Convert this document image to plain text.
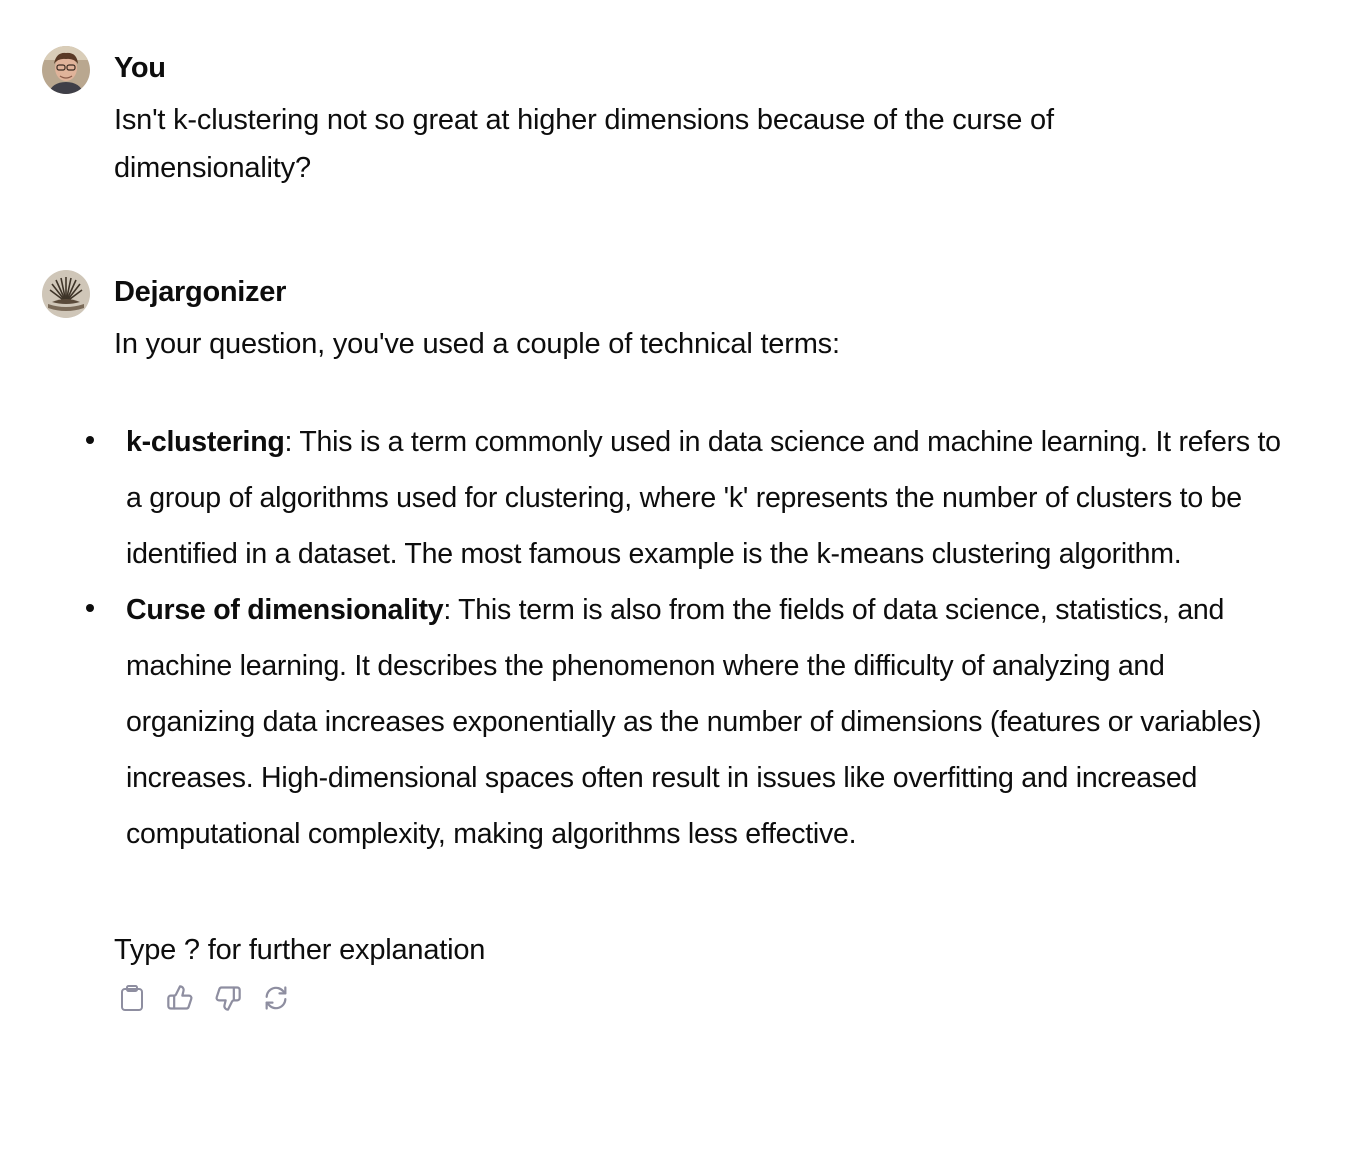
You
Isn't k-clustering not so great at higher dimensions because of the curse of dimensionality?
Dejargonizer

In your question, you've used a couple of technical terms:

k-clustering: This is a term commonly used in data science and machine learning. It refers to a group of algorithms used for clustering, where 'k' represents the number of clusters to be identified in a dataset. The most famous example is the k-means clustering algorithm.
Curse of dimensionality: This term is also from the fields of data science, statistics, and machine learning. It describes the phenomenon where the difficulty of analyzing and organizing data increases exponentially as the number of dimensions (features or variables) increases. High-dimensional spaces often result in issues like overfitting and increased computational complexity, making algorithms less effective.

Type ? for further explanation
